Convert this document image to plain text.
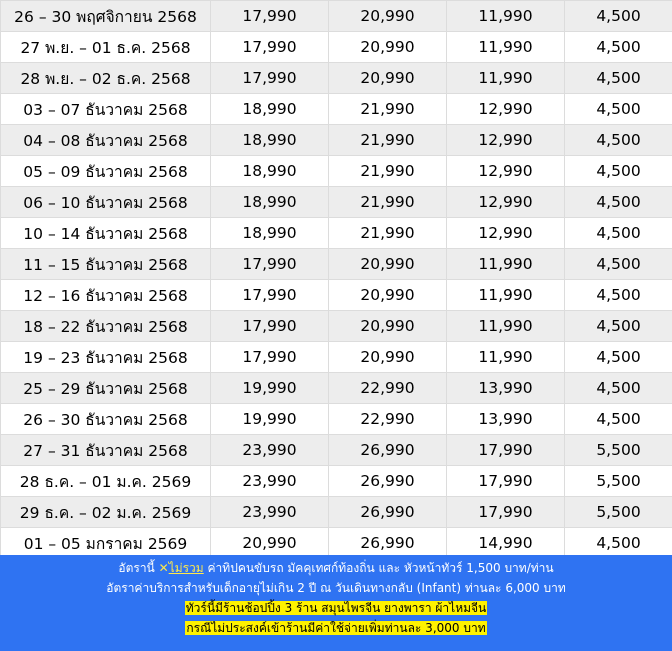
26 – 30 พฤศจิกายน 2568	17,990	20,990	11,990	4,500
27 พ.ย. – 01 ธ.ค. 2568	17,990	20,990	11,990	4,500
28 พ.ย. – 02 ธ.ค. 2568	17,990	20,990	11,990	4,500
03 – 07 ธันวาคม 2568	18,990	21,990	12,990	4,500
04 – 08 ธันวาคม 2568	18,990	21,990	12,990	4,500
05 – 09 ธันวาคม 2568	18,990	21,990	12,990	4,500
06 – 10 ธันวาคม 2568	18,990	21,990	12,990	4,500
10 – 14 ธันวาคม 2568	18,990	21,990	12,990	4,500
11 – 15 ธันวาคม 2568	17,990	20,990	11,990	4,500
12 – 16 ธันวาคม 2568	17,990	20,990	11,990	4,500
18 – 22 ธันวาคม 2568	17,990	20,990	11,990	4,500
19 – 23 ธันวาคม 2568	17,990	20,990	11,990	4,500
25 – 29 ธันวาคม 2568	19,990	22,990	13,990	4,500
26 – 30 ธันวาคม 2568	19,990	22,990	13,990	4,500
27 – 31 ธันวาคม 2568	23,990	26,990	17,990	5,500
28 ธ.ค. – 01 ม.ค. 2569	23,990	26,990	17,990	5,500
29 ธ.ค. – 02 ม.ค. 2569	23,990	26,990	17,990	5,500
01 – 05 มกราคม 2569	20,990	26,990	14,990	4,500
อัตรานี้ ✕ไม่รวม ค่าทิปคนขับรถ มัคคุเทศก์ท้องถิ่น และ หัวหน้าทัวร์ 1,500 บาท/ท่าน
อัตราค่าบริการสำหรับเด็กอายุไม่เกิน 2 ปี ณ วันเดินทางกลับ (Infant) ท่านละ 6,000 บาท
ทัวร์นี้มีร้านช้อปปิ้ง 3 ร้าน สมุนไพรจีน ยางพารา ผ้าไหมจีน
กรณีไม่ประสงค์เข้าร้านมีค่าใช้จ่ายเพิ่มท่านละ 3,000 บาท
